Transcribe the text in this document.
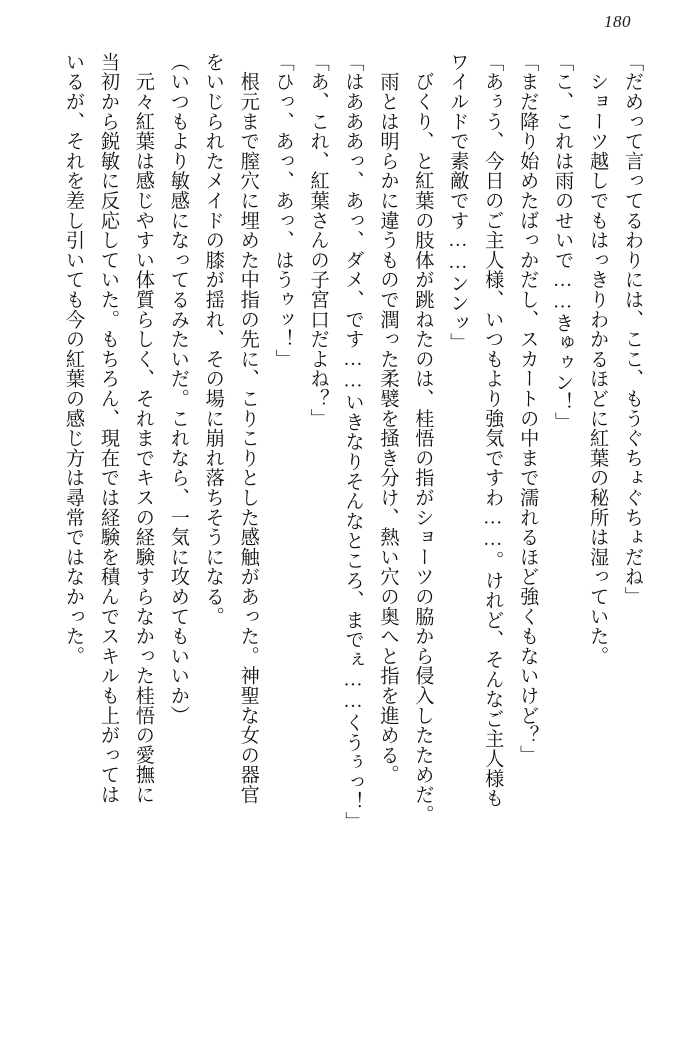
180

「だめって言ってるわりには、ここ、もうぐちょぐちょだね」

　ショーツ越しでもはっきりわかるほどに紅葉の秘所は湿っていた。

「こ、これは雨のせいで……きゅゥン！」

「まだ降り始めたばっかだし、スカートの中まで濡れるほど強くもないけど？」

「あぅう、今日のご主人様、いつもより強気ですわ……。けれど、そんなご主人様も

ワイルドで素敵です……ンンッ」

　びくり、と紅葉の肢体が跳ねたのは、桂悟の指がショーツの脇から侵入したためだ。

　雨とは明らかに違うもので潤った柔襞を掻き分け、熱い穴の奥へと指を進める。

「はあああっ、あっ、ダメ、です……いきなりそんなところ、までぇ……くうぅっ！」

「あ、これ、紅葉さんの子宮口だよね？」

「ひっ、あっ、あっ、はうゥッ！」

　根元まで膣穴に埋めた中指の先に、こりこりとした感触があった。神聖な女の器官

をいじられたメイドの膝が揺れ、その場に崩れ落ちそうになる。

（いつもより敏感になってるみたいだ。これなら、一気に攻めてもいいか）

　元々紅葉は感じやすい体質らしく、それまでキスの経験すらなかった桂悟の愛撫に

当初から鋭敏に反応していた。もちろん、現在では経験を積んでスキルも上がっては

いるが、それを差し引いても今の紅葉の感じ方は尋常ではなかった。
